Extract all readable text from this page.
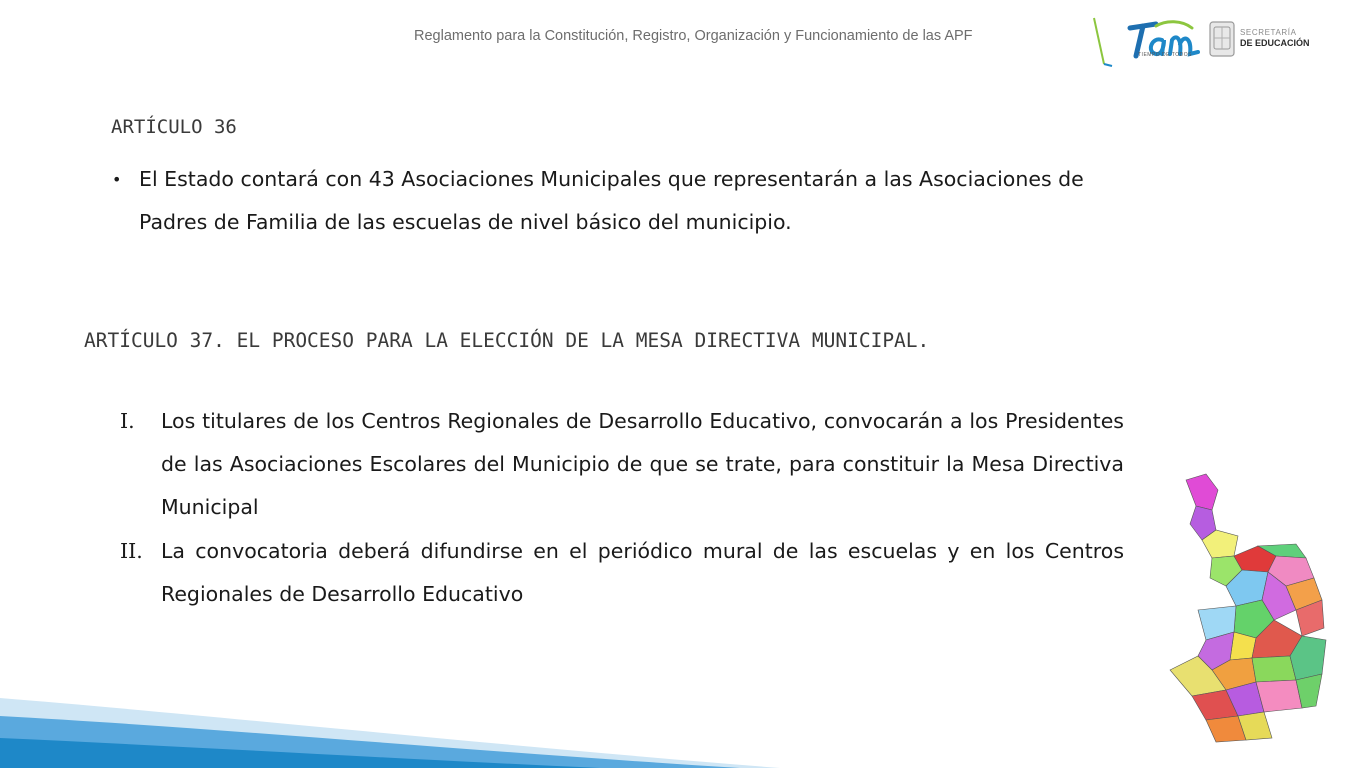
Reglamento para la Constitución, Registro, Organización y Funcionamiento de las APF
TIEMPO DE TODOS
SECRETARÍA
DE EDUCACIÓN
ARTÍCULO 36
• El Estado contará con 43 Asociaciones Municipales que representarán a las Asociaciones de
Padres de Familia de las escuelas de nivel básico del municipio.
ARTÍCULO 37. EL PROCESO PARA LA ELECCIÓN DE LA MESA DIRECTIVA MUNICIPAL.
I. Los titulares de los Centros Regionales de Desarrollo Educativo, convocarán a los Presidentes de las Asociaciones Escolares del Municipio de que se trate, para constituir la Mesa Directiva Municipal
II. La convocatoria deberá difundirse en el periódico mural de las escuelas y en los Centros Regionales de Desarrollo Educativo
